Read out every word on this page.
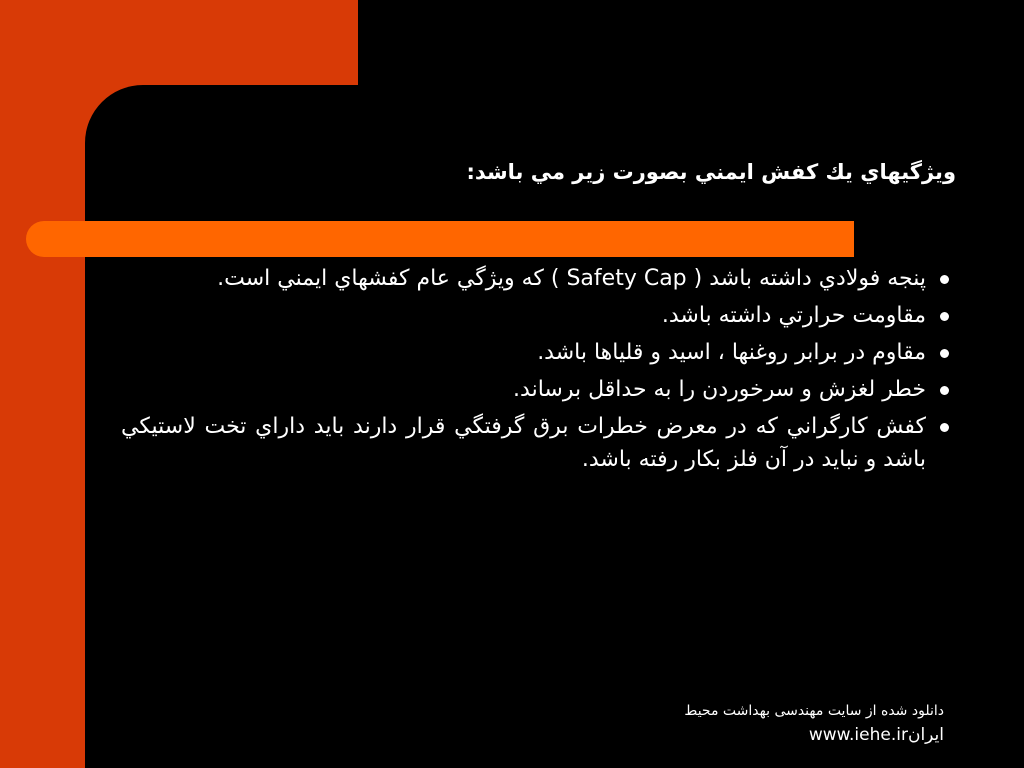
ويژگيهاي يك كفش ايمني بصورت زير مي باشد:
پنجه فولادي داشته باشد ( Safety Cap ) كه ويژگي عام كفشهاي ايمني است.
مقاومت حرارتي داشته باشد.
مقاوم در برابر روغنها ، اسيد و قلياها باشد.
خطر لغزش و سرخوردن را به حداقل برساند.
كفش كارگراني كه در معرض خطرات برق گرفتگي قرار دارند بايد داراي تخت لاستيكي باشد و نبايد در آن فلز بكار رفته باشد.
دانلود شده از سایت مهندسی بهداشت محیط
ایرانwww.iehe.ir
